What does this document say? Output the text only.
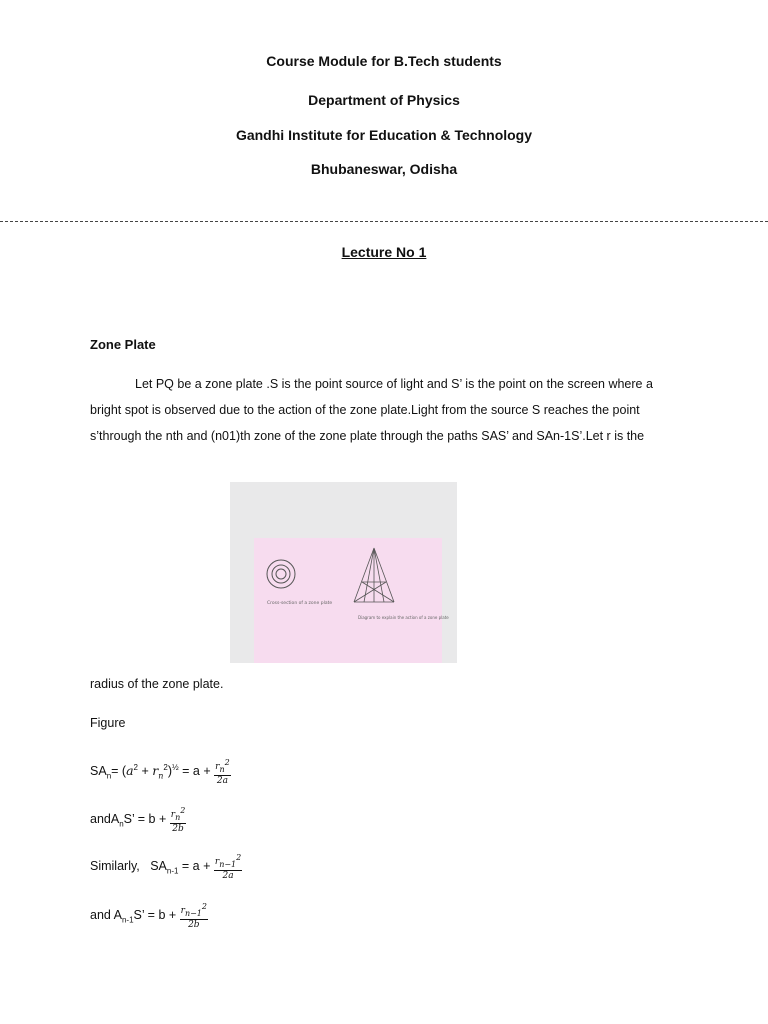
Course Module for B.Tech students
Department of Physics
Gandhi Institute for Education & Technology
Bhubaneswar, Odisha
Lecture No 1
Zone Plate
Let PQ be a zone plate .S is the point source of light and S’ is the point on the screen where a
bright spot is observed due to the action of the zone plate.Light from the source S reaches the point
s’through the nth and (n01)th zone of the zone plate through the paths SAS’ and SAn-1S’.Let r is the
Cross-section of a zone plate
Diagram to explain the action of a zone plate
radius of the zone plate.
Figure
$SA_n= (a^2 + r_n^2)^{\frac{1}{2}} = a + \frac{r_n^2}{2a}$
andA$_n$S’ = $b + \frac{r_n^2}{2b}$
Similarly,   $SA_{n-1} = a + \frac{r_{n-1}^2}{2a}$
and $A_{n-1}S$’ = $b + \frac{r_{n-1}^2}{2b}$
